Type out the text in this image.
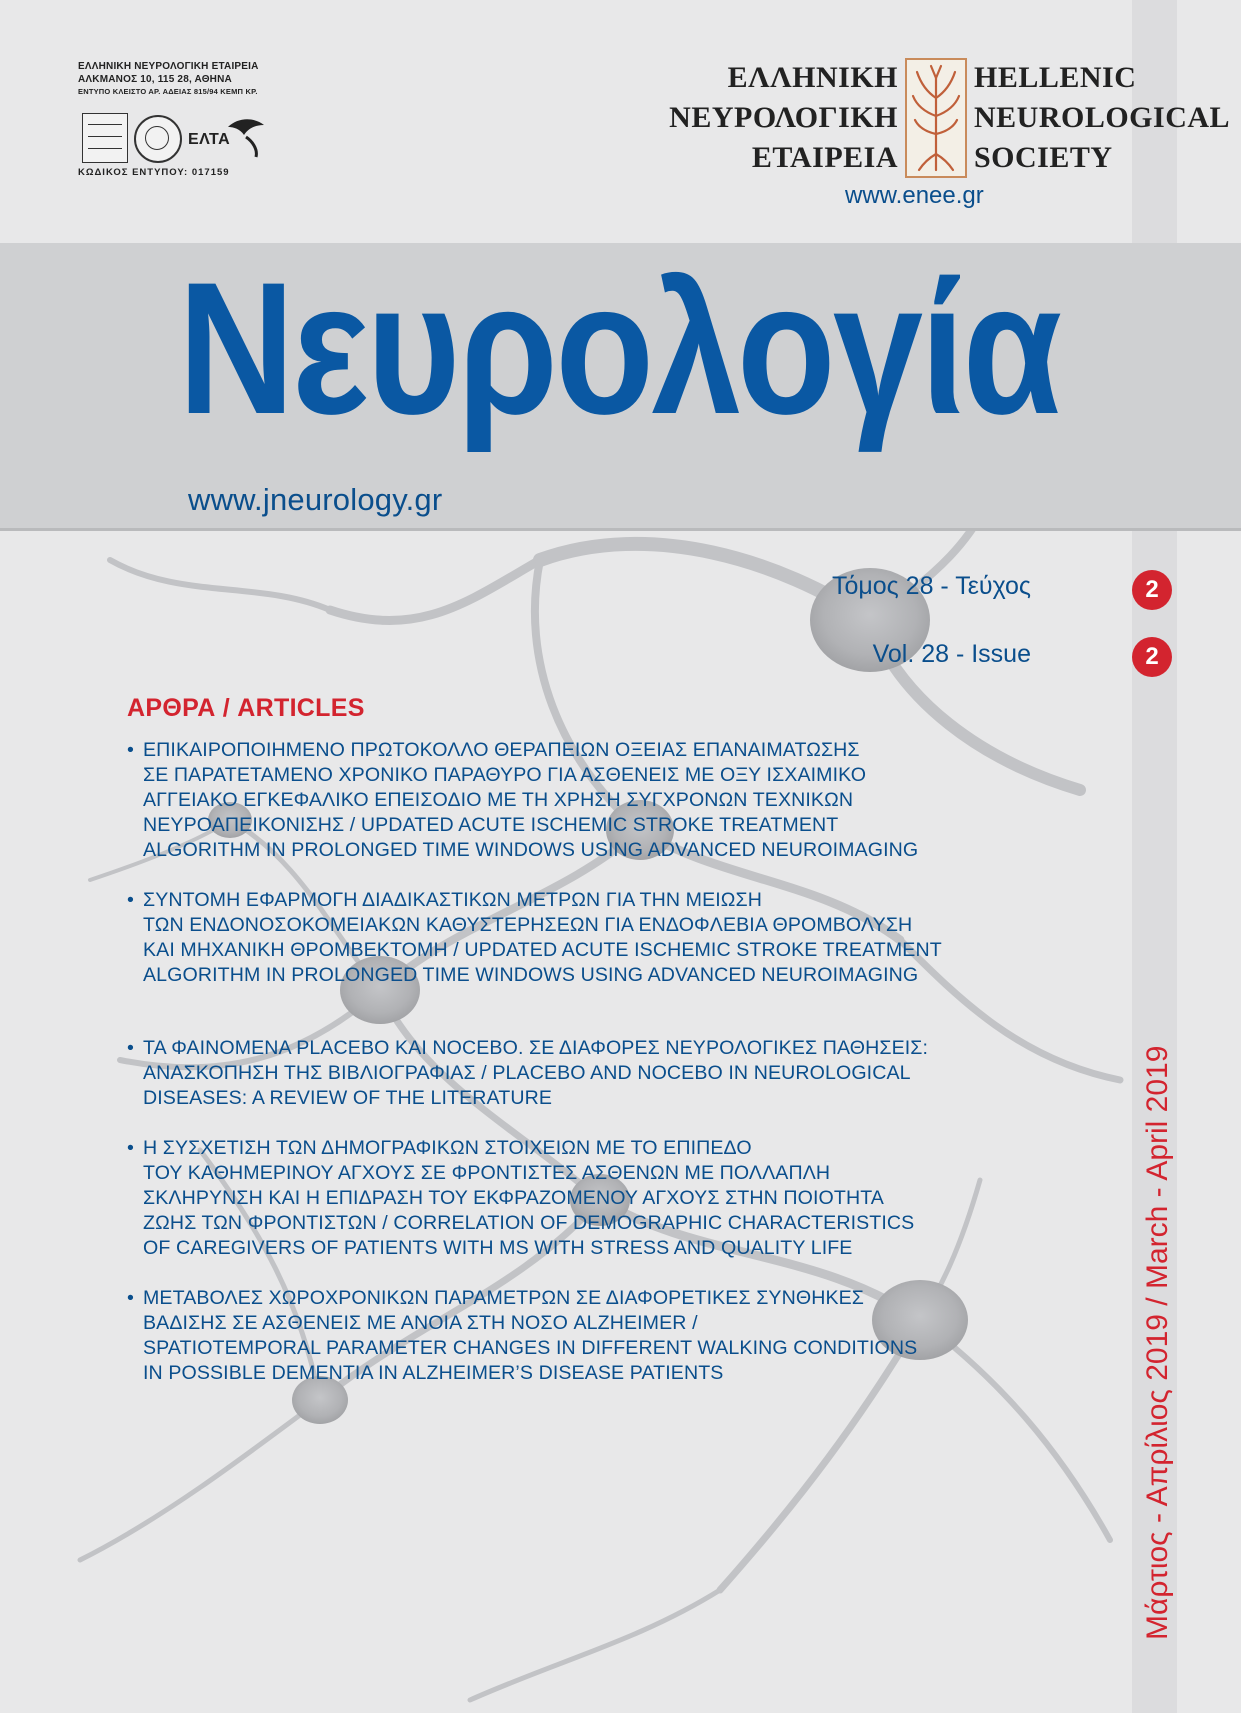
ΕΛΛΗΝΙΚΗ ΝΕΥΡΟΛΟΓΙΚΗ ΕΤΑΙΡΕΙΑ
ΑΛΚΜΑΝΟΣ 10, 115 28, ΑΘΗΝΑ
ΕΝΤΥΠΟ ΚΛΕΙΣΤΟ ΑΡ. ΑΔΕΙΑΣ 815/94 ΚΕΜΠ ΚΡ.
ΕΛΤΑ
ΚΩΔΙΚΟΣ ΕΝΤΥΠΟΥ: 017159
ΕΛΛΗΝΙΚΗ
ΝΕΥΡΟΛΟΓΙΚΗ
ΕΤΑΙΡΕΙΑ
HELLENIC
NEUROLOGICAL
SOCIETY
www.enee.gr
Νευρολογία
www.jneurology.gr
Τόμος 28 - Τεύχος	2
Vol. 28 - Issue	2
ΑΡΘΡΑ / ARTICLES
• ΕΠΙΚΑΙΡΟΠΟΙΗΜΕΝΟ ΠΡΩΤΟΚΟΛΛΟ ΘΕΡΑΠΕΙΩΝ ΟΞΕΙΑΣ ΕΠΑΝΑΙΜΑΤΩΣΗΣ
ΣΕ ΠΑΡΑΤΕΤΑΜΕΝΟ ΧΡΟΝΙΚΟ ΠΑΡΑΘΥΡΟ ΓΙΑ ΑΣΘΕΝΕΙΣ ΜΕ ΟΞΥ ΙΣΧΑΙΜΙΚΟ
ΑΓΓΕΙΑΚΟ ΕΓΚΕΦΑΛΙΚΟ ΕΠΕΙΣΟΔΙΟ ΜΕ ΤΗ ΧΡΗΣΗ ΣΥΓΧΡΟΝΩΝ ΤΕΧΝΙΚΩΝ
ΝΕΥΡΟΑΠΕΙΚΟΝΙΣΗΣ / UPDATED ACUTE ISCHEMIC STROKE TREATMENT
ALGORITHM IN PROLONGED TIME WINDOWS USING ADVANCED NEUROIMAGING
• ΣΥΝΤΟΜΗ ΕΦΑΡΜΟΓΗ ΔΙΑΔΙΚΑΣΤΙΚΩΝ ΜΕΤΡΩΝ ΓΙΑ ΤΗΝ ΜΕΙΩΣΗ
ΤΩΝ ΕΝΔΟΝΟΣΟΚΟΜΕΙΑΚΩΝ ΚΑΘΥΣΤΕΡΗΣΕΩΝ ΓΙΑ ΕΝΔΟΦΛΕΒΙΑ ΘΡΟΜΒΟΛΥΣΗ
ΚΑΙ ΜΗΧΑΝΙΚΗ ΘΡΟΜΒΕΚΤΟΜΗ / UPDATED ACUTE ISCHEMIC STROKE TREATMENT
ALGORITHM IN PROLONGED TIME WINDOWS USING ADVANCED NEUROIMAGING
• ΤΑ ΦΑΙΝΟΜΕΝΑ PLACEBO ΚΑΙ NOCEBO. ΣΕ ΔΙΑΦΟΡΕΣ ΝΕΥΡΟΛΟΓΙΚΕΣ ΠΑΘΗΣΕΙΣ:
ΑΝΑΣΚΟΠΗΣΗ ΤΗΣ ΒΙΒΛΙΟΓΡΑΦΙΑΣ / PLACEBO AND NOCEBO IN NEUROLOGICAL
DISEASES: A REVIEW OF THE LITERATURE
• Η ΣΥΣΧΕΤΙΣΗ ΤΩΝ ΔΗΜΟΓΡΑΦΙΚΩΝ ΣΤΟΙΧΕΙΩΝ ΜΕ ΤΟ ΕΠΙΠΕΔΟ
ΤΟΥ ΚΑΘΗΜΕΡΙΝΟΥ ΑΓΧΟΥΣ ΣΕ ΦΡΟΝΤΙΣΤΕΣ ΑΣΘΕΝΩΝ ΜΕ ΠΟΛΛΑΠΛΗ
ΣΚΛΗΡΥΝΣΗ ΚΑΙ Η ΕΠΙΔΡΑΣΗ ΤΟΥ ΕΚΦΡΑΖΟΜΕΝΟΥ ΑΓΧΟΥΣ ΣΤΗΝ ΠΟΙΟΤΗΤΑ
ΖΩΗΣ ΤΩΝ ΦΡΟΝΤΙΣΤΩΝ / CORRELATION OF DEMOGRAPHIC CHARACTERISTICS
OF CAREGIVERS OF PATIENTS WITH MS WITH STRESS AND QUALITY LIFE
• ΜΕΤΑΒΟΛΕΣ ΧΩΡΟΧΡΟΝΙΚΩΝ ΠΑΡΑΜΕΤΡΩΝ ΣΕ ΔΙΑΦΟΡΕΤΙΚΕΣ ΣΥΝΘΗΚΕΣ
ΒΑΔΙΣΗΣ ΣΕ ΑΣΘΕΝΕΙΣ ΜΕ ΑΝΟΙΑ ΣΤΗ ΝΟΣΟ ALZHEIMER /
SPATIOTEMPORAL PARAMETER CHANGES IN DIFFERENT WALKING CONDITIONS
IN POSSIBLE DEMENTIA IN ALZHEIMER’S DISEASE PATIENTS	Μάρτιος - Απρίλιος 2019 / March - April 2019
